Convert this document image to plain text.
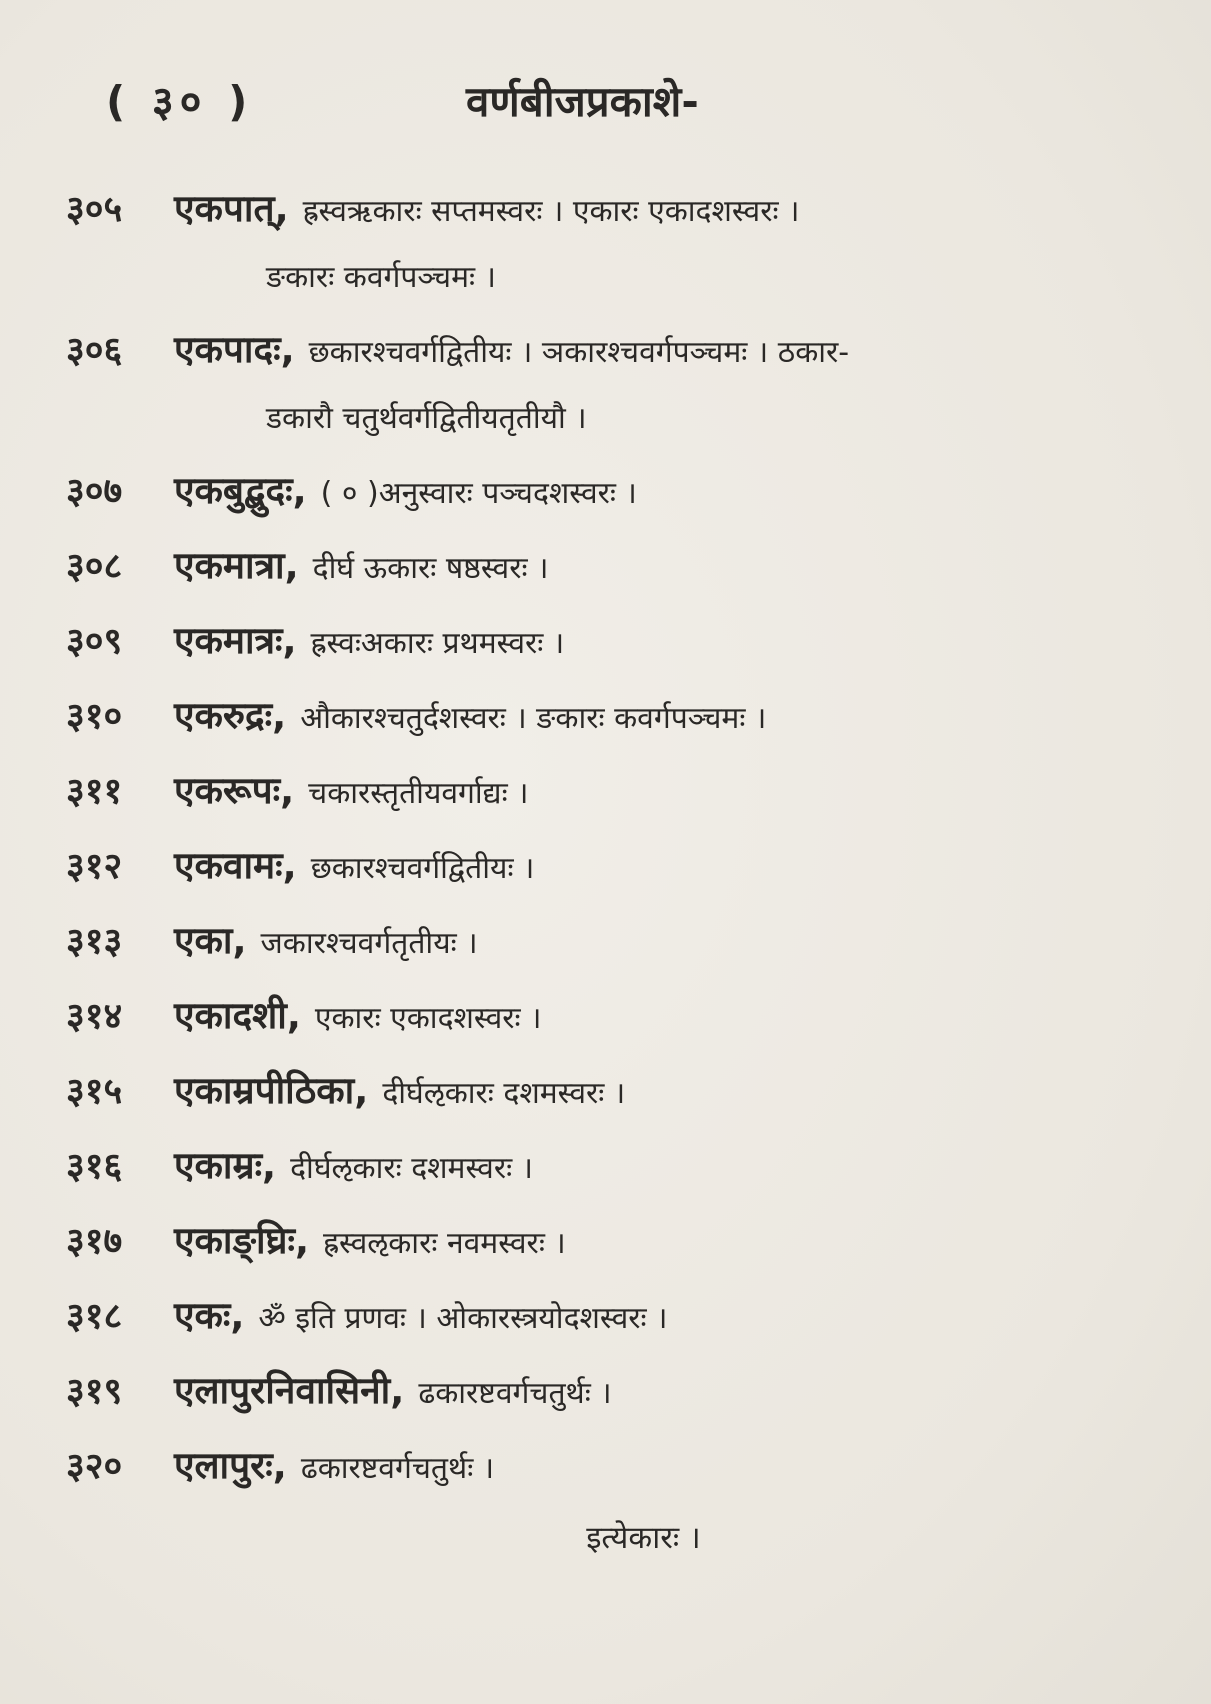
( ३० )	वर्णबीजप्रकाशे-
३०५ एकपात्, ह्रस्वऋकारः सप्तमस्वरः । एकारः एकादशस्वरः ।
ङकारः कवर्गपञ्चमः ।
३०६ एकपादः, छकारश्चवर्गद्वितीयः । ञकारश्चवर्गपञ्चमः । ठकार-
डकारौ चतुर्थवर्गद्वितीयतृतीयौ ।
३०७ एकबुद्बुदः, ( ० )अनुस्वारः पञ्चदशस्वरः ।
३०८ एकमात्रा, दीर्घ ऊकारः षष्ठस्वरः ।
३०९ एकमात्रः, ह्रस्वःअकारः प्रथमस्वरः ।
३१० एकरुद्रः, औकारश्चतुर्दशस्वरः । ङकारः कवर्गपञ्चमः ।
३११ एकरूपः, चकारस्तृतीयवर्गाद्यः ।
३१२ एकवामः, छकारश्चवर्गद्वितीयः ।
३१३ एका, जकारश्चवर्गतृतीयः ।
३१४ एकादशी, एकारः एकादशस्वरः ।
३१५ एकाम्रपीठिका, दीर्घऌकारः दशमस्वरः ।
३१६ एकाम्रः, दीर्घऌकारः दशमस्वरः ।
३१७ एकाङ्घ्रिः, ह्रस्वऌकारः नवमस्वरः ।
३१८ एकः, ॐ इति प्रणवः । ओकारस्त्रयोदशस्वरः ।
३१९ एलापुरनिवासिनी, ढकारष्टवर्गचतुर्थः ।
३२० एलापुरः, ढकारष्टवर्गचतुर्थः ।
इत्येकारः ।
